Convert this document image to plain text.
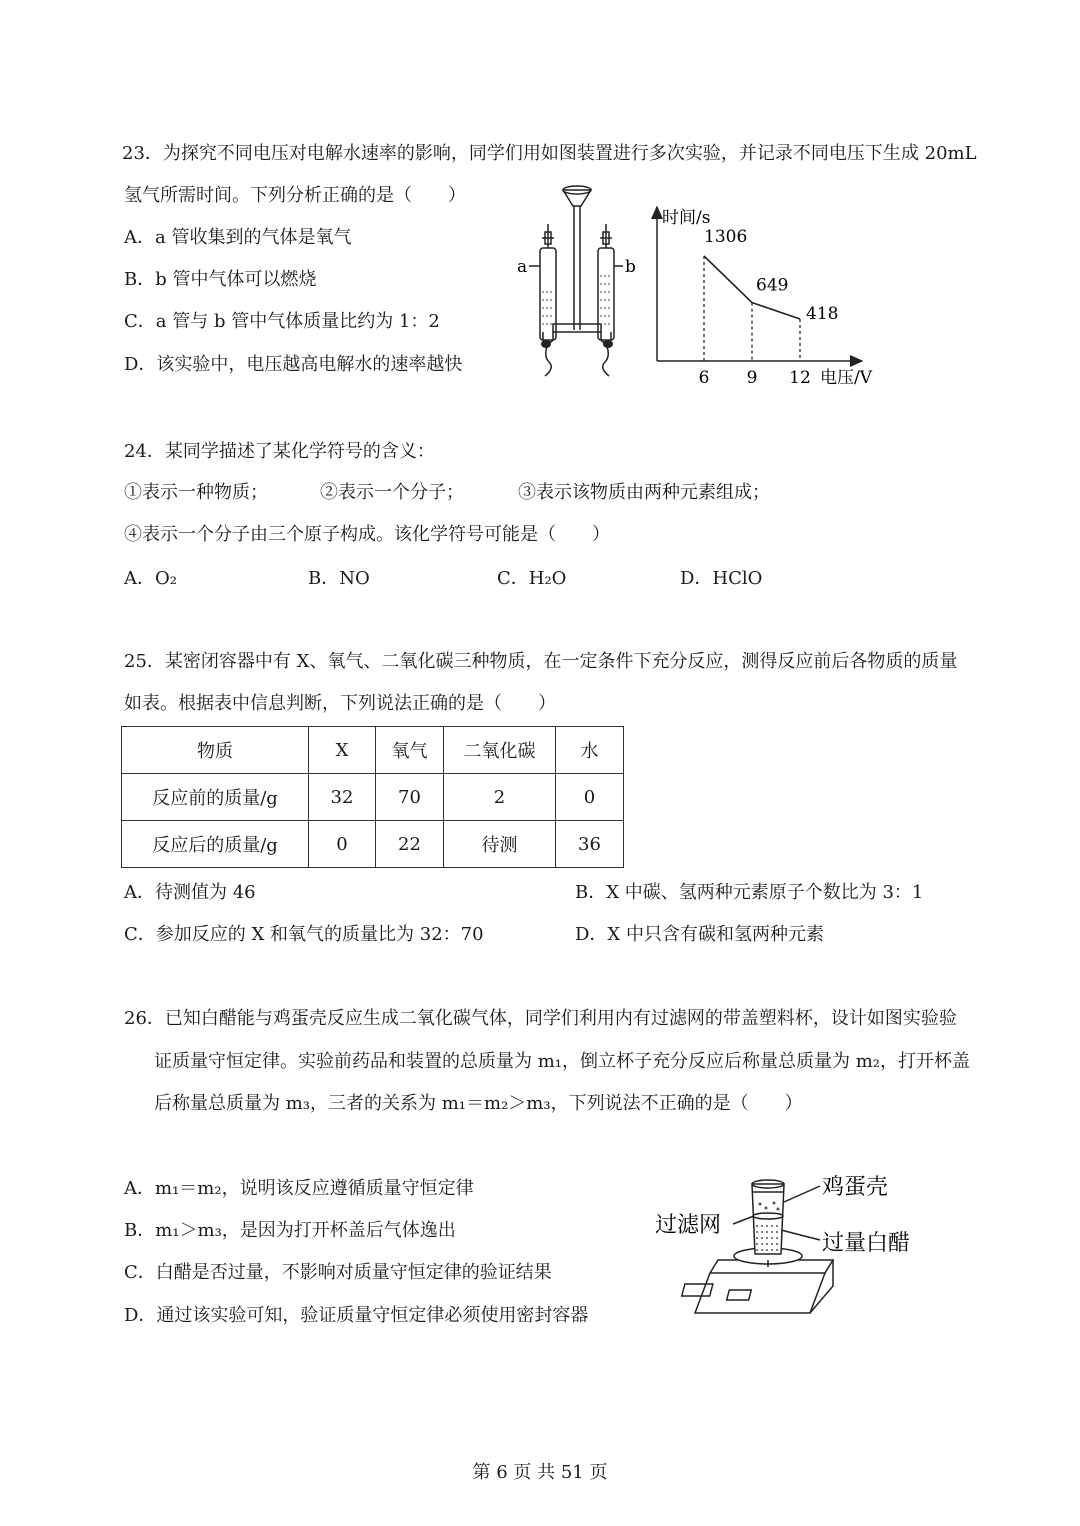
23．为探究不同电压对电解水速率的影响，同学们用如图装置进行多次实验，并记录不同电压下生成 20mL
氢气所需时间。下列分析正确的是（　　）
A．a 管收集到的气体是氧气
B．b 管中气体可以燃烧
C．a 管与 b 管中气体质量比约为 1：2
D．该实验中，电压越高电解水的速率越快
a	b
时间/s
电压/V
6 9 12
1306
649
418
24．某同学描述了某化学符号的含义：
①表示一种物质；	②表示一个分子；	③表示该物质由两种元素组成；
④表示一个分子由三个原子构成。该化学符号可能是（　　）
A．O₂	B．NO	C．H₂O	D．HClO
25．某密闭容器中有 X、氧气、二氧化碳三种物质，在一定条件下充分反应，测得反应前后各物质的质量
如表。根据表中信息判断，下列说法正确的是（　　）
物质	X	氧气	二氧化碳	水
反应前的质量/g	32	70	2	0
反应后的质量/g	0	22	待测	36
A．待测值为 46	B．X 中碳、氢两种元素原子个数比为 3：1
C．参加反应的 X 和氧气的质量比为 32：70	D．X 中只含有碳和氢两种元素
26．已知白醋能与鸡蛋壳反应生成二氧化碳气体，同学们利用内有过滤网的带盖塑料杯，设计如图实验验
证质量守恒定律。实验前药品和装置的总质量为 m₁，倒立杯子充分反应后称量总质量为 m₂，打开杯盖
后称量总质量为 m₃，三者的关系为 m₁＝m₂＞m₃，下列说法不正确的是（　　）
A．m₁＝m₂，说明该反应遵循质量守恒定律
B．m₁＞m₃，是因为打开杯盖后气体逸出
C．白醋是否过量，不影响对质量守恒定律的验证结果
D．通过该实验可知，验证质量守恒定律必须使用密封容器
鸡蛋壳
过滤网
过量白醋
第 6 页 共 51 页
